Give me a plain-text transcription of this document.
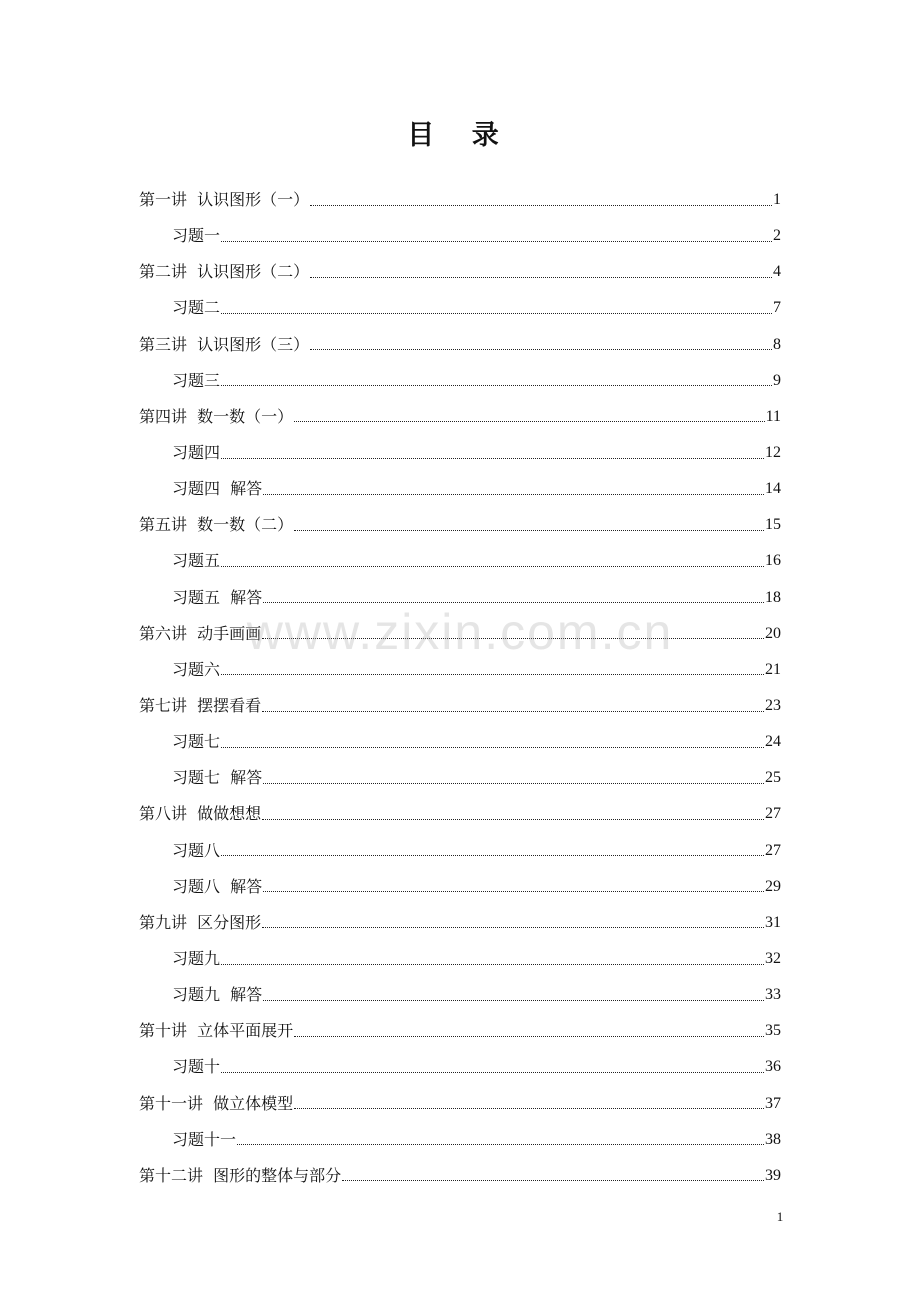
目 录
第一讲  认识图形（一）	1
习题一	2
第二讲  认识图形（二）	4
习题二	7
第三讲  认识图形（三）	8
习题三	9
第四讲  数一数（一）	11
习题四	12
习题四  解答	14
第五讲  数一数（二）	15
习题五	16
习题五  解答	18
第六讲  动手画画	20
习题六	21
第七讲  摆摆看看	23
习题七	24
习题七  解答	25
第八讲  做做想想	27
习题八	27
习题八  解答	29
第九讲  区分图形	31
习题九	32
习题九  解答	33
第十讲  立体平面展开	35
习题十	36
第十一讲  做立体模型	37
习题十一	38
第十二讲  图形的整体与部分	39
www.zixin.com.cn
1
